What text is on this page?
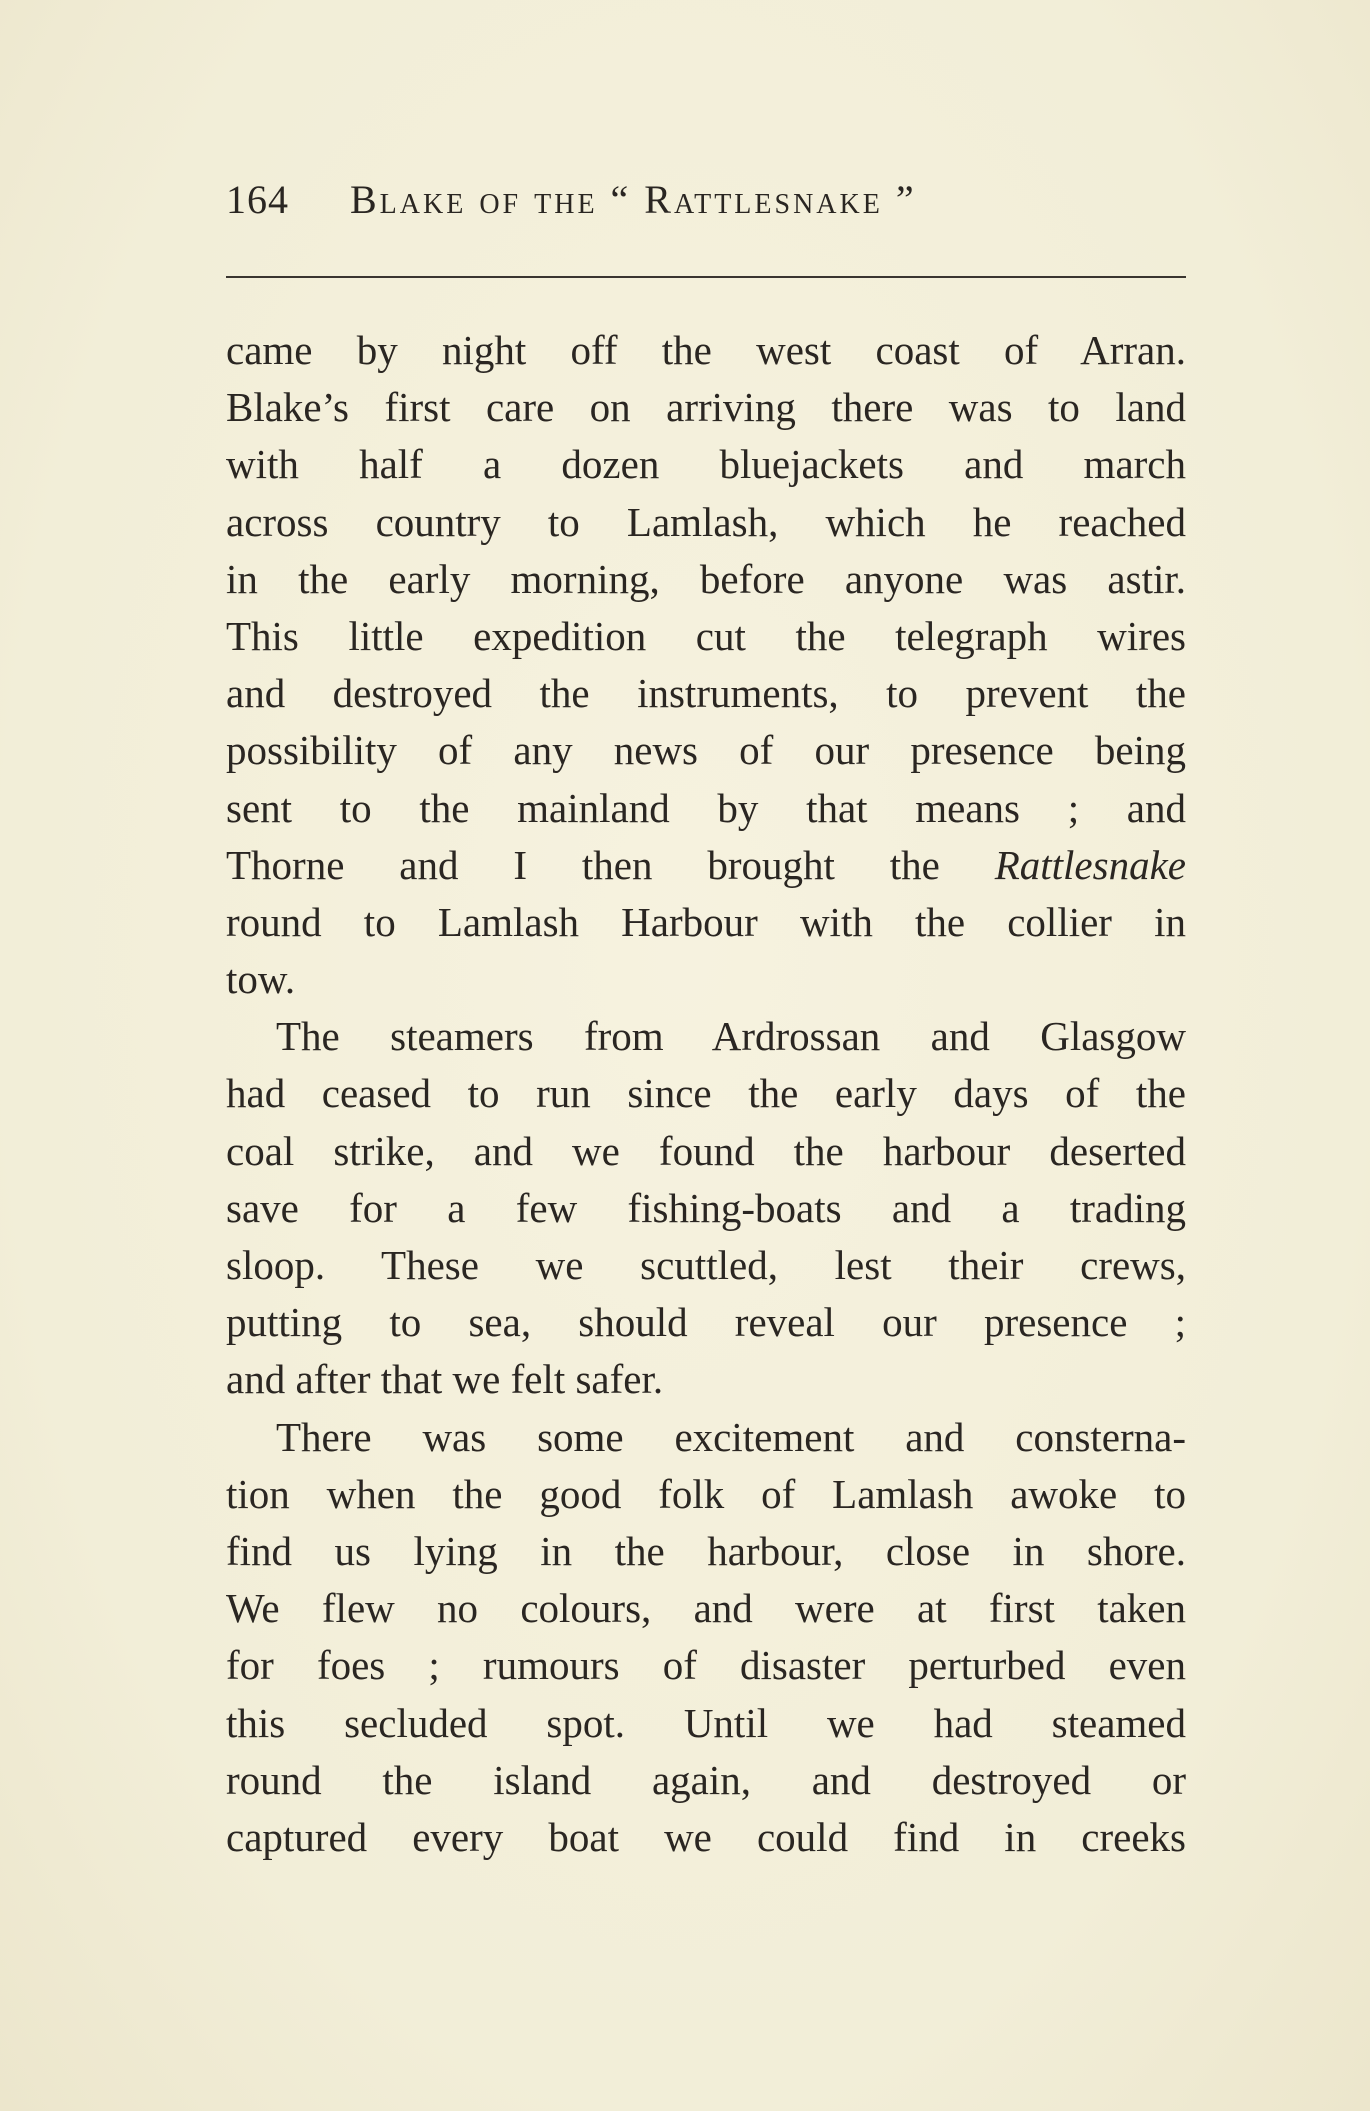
164 Blake of the “ Rattlesnake ”
came by night off the west coast of Arran.
Blake’s first care on arriving there was to land
with half a dozen bluejackets and march
across country to Lamlash, which he reached
in the early morning, before anyone was astir.
This little expedition cut the telegraph wires
and destroyed the instruments, to prevent the
possibility of any news of our presence being
sent to the mainland by that means ; and
Thorne and I then brought the Rattlesnake
round to Lamlash Harbour with the collier in
tow.
The steamers from Ardrossan and Glasgow
had ceased to run since the early days of the
coal strike, and we found the harbour deserted
save for a few fishing-boats and a trading
sloop. These we scuttled, lest their crews,
putting to sea, should reveal our presence ;
and after that we felt safer.
There was some excitement and consterna-
tion when the good folk of Lamlash awoke to
find us lying in the harbour, close in shore.
We flew no colours, and were at first taken
for foes ; rumours of disaster perturbed even
this secluded spot. Until we had steamed
round the island again, and destroyed or
captured every boat we could find in creeks
